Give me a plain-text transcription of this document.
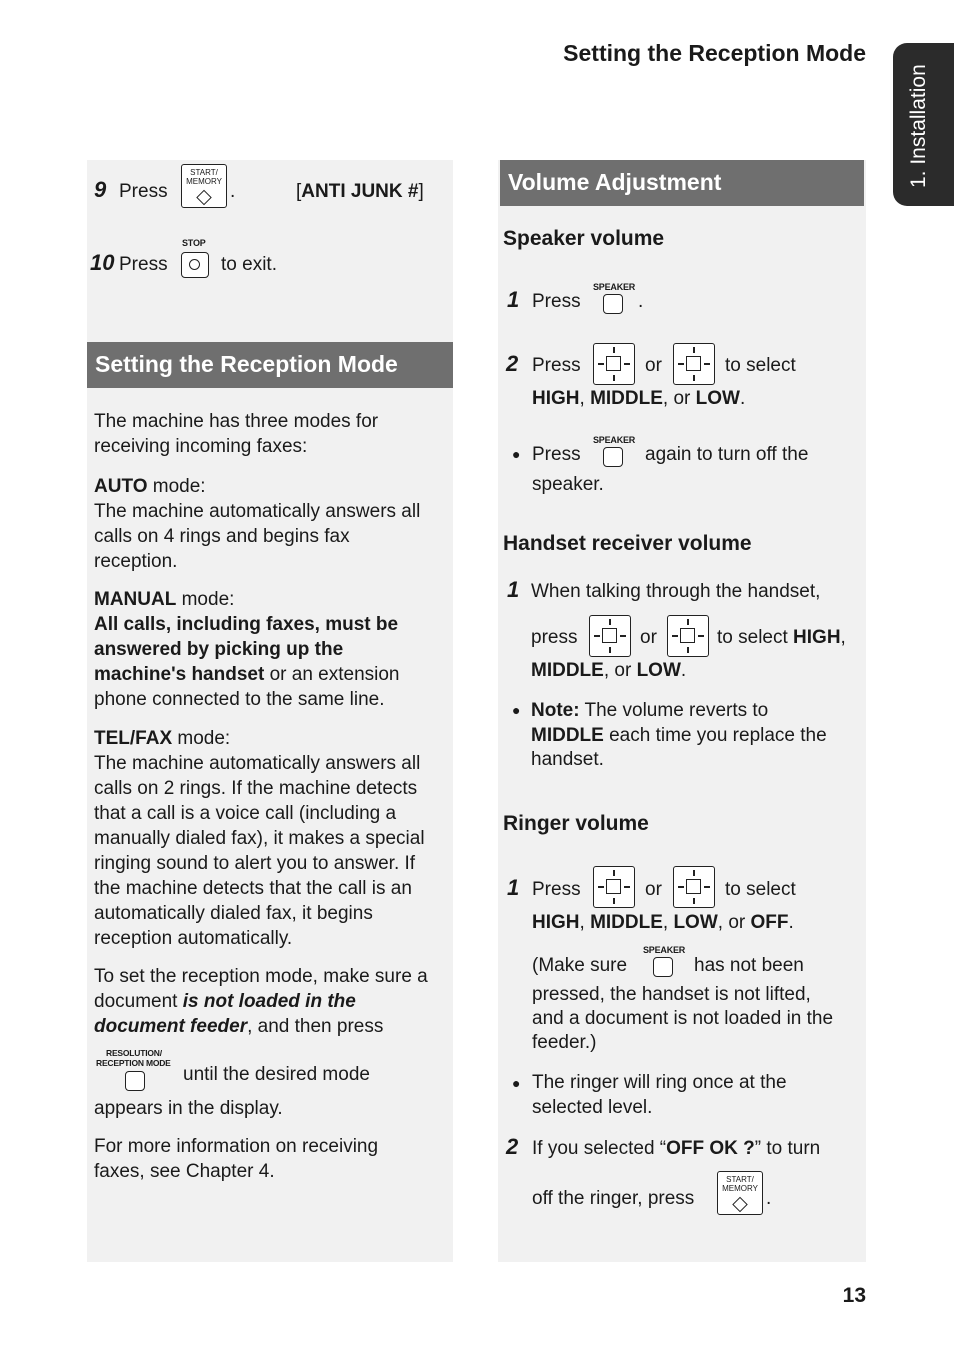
Setting the Reception Mode
1. Installation
9 Press
START/
MEMORY .	[ANTI JUNK #]
10 Press
STOP
to exit.
Setting the Reception Mode
The machine has three modes for
receiving incoming faxes:
AUTO mode:
The machine automatically answers all
calls on 4 rings and begins fax
reception.
MANUAL mode:
All calls, including faxes, must be
answered by picking up the
machine's handset or an extension
phone connected to the same line.
TEL/FAX mode:
The machine automatically answers all
calls on 2 rings. If the machine detects
that a call is a voice call (including a
manually dialed fax), it makes a special
ringing sound to alert you to answer. If
the machine detects that the call is an
automatically dialed fax, it begins
reception automatically.
To set the reception mode, make sure a
document is not loaded in the
document feeder, and then press
RESOLUTION/
RECEPTION MODE
until the desired mode
appears in the display.
For more information on receiving
faxes, see Chapter 4.
Volume Adjustment
Speaker volume
1 Press
SPEAKER
.
2 Press	or	to select
HIGH, MIDDLE, or LOW.
● Press
SPEAKER
again to turn off the
speaker.
Handset receiver volume
1 When talking through the handset,
press	or	to select HIGH,
MIDDLE, or LOW.
● Note: The volume reverts to
MIDDLE each time you replace the
handset.
Ringer volume
1 Press	or	to select
HIGH, MIDDLE, LOW, or OFF.
(Make sure
SPEAKER
has not been
pressed, the handset is not lifted,
and a document is not loaded in the
feeder.)
● The ringer will ring once at the
selected level.
2 If you selected “OFF OK ?” to turn
off the ringer, press
START/
MEMORY .
13
